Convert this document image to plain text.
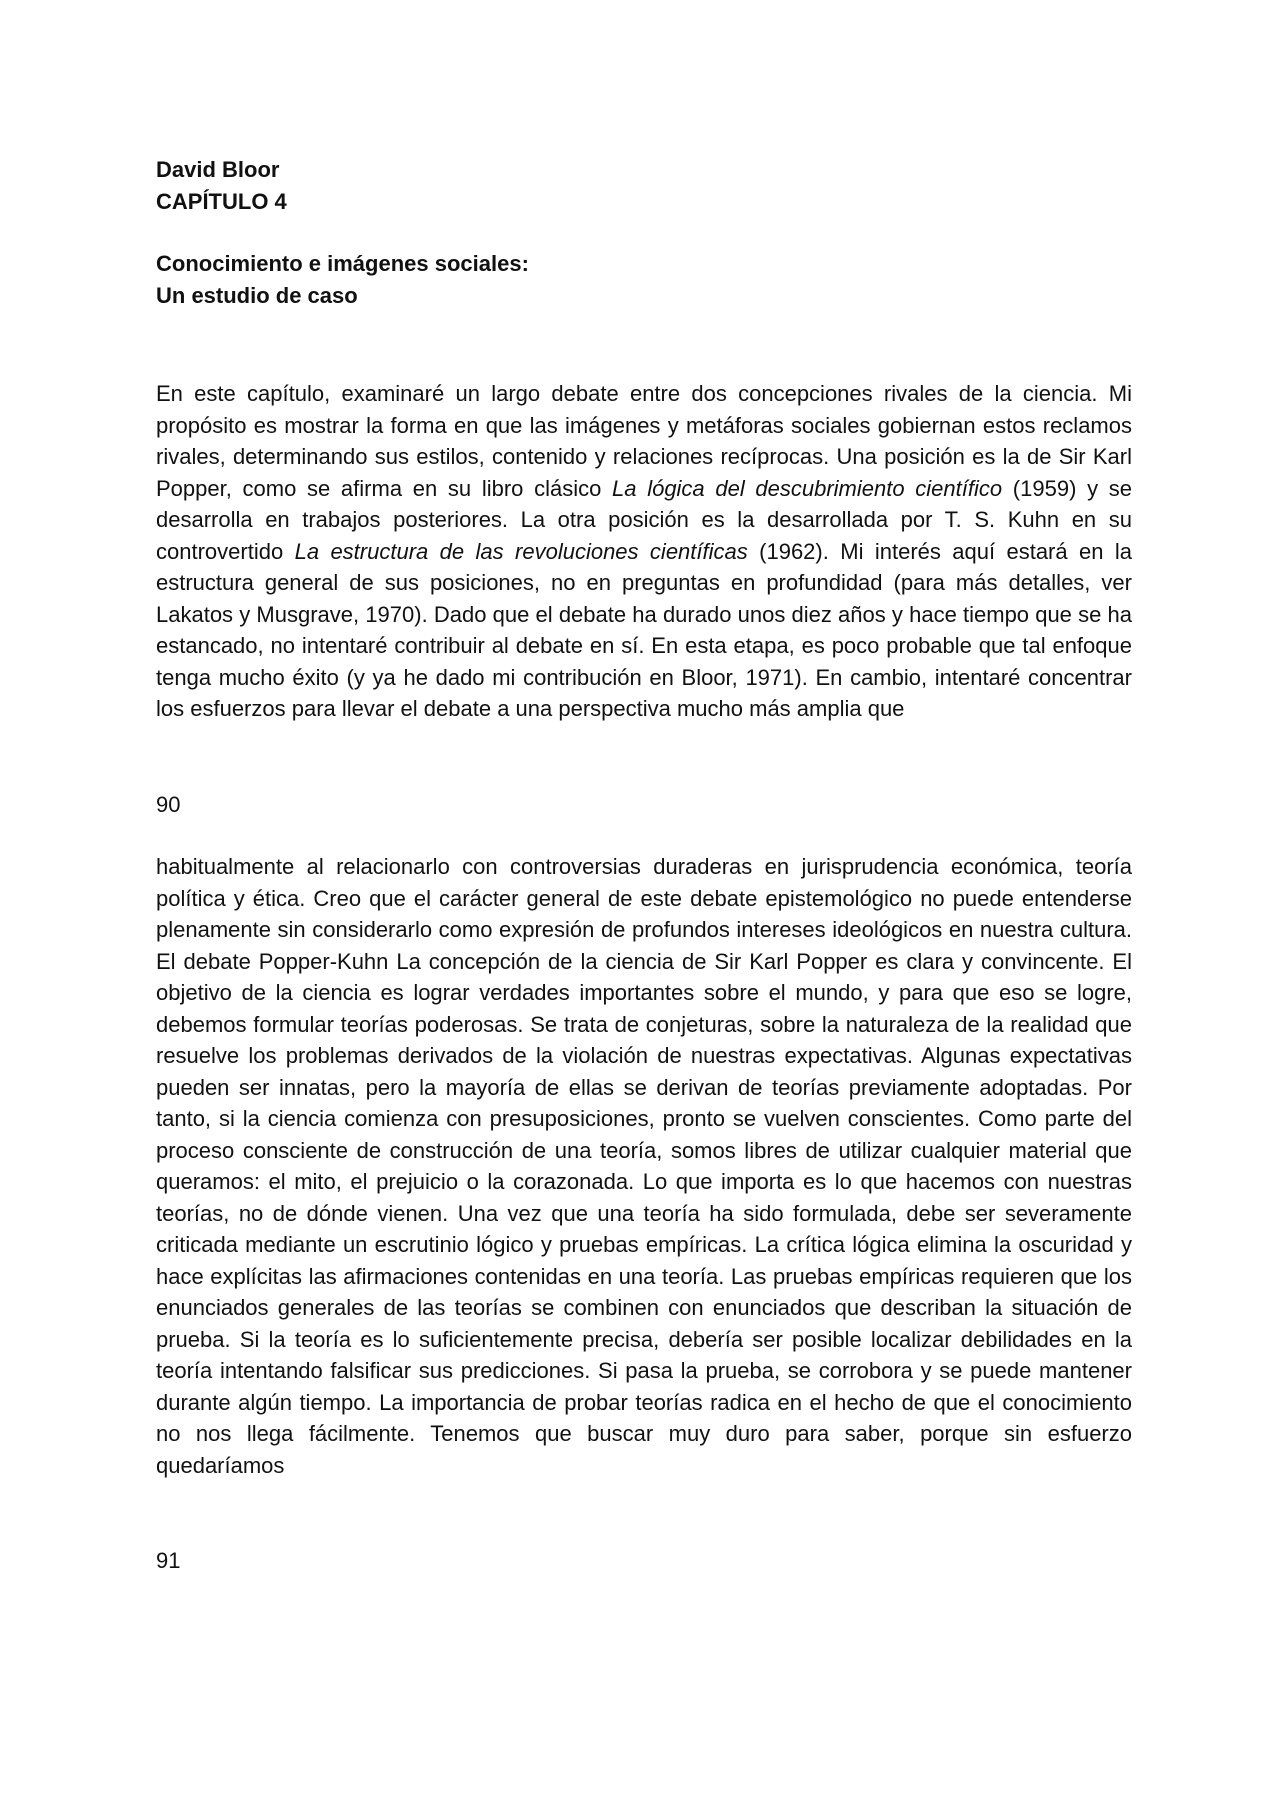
David Bloor
CAPÍTULO 4
Conocimiento e imágenes sociales:
Un estudio de caso

En este capítulo, examinaré un largo debate entre dos concepciones rivales de la ciencia. Mi propósito es mostrar la forma en que las imágenes y metáforas sociales gobiernan estos reclamos rivales, determinando sus estilos, contenido y relaciones recíprocas. Una posición es la de Sir Karl Popper, como se afirma en su libro clásico La lógica del descubrimiento científico (1959) y se desarrolla en trabajos posteriores. La otra posición es la desarrollada por T. S. Kuhn en su controvertido La estructura de las revoluciones científicas (1962). Mi interés aquí estará en la estructura general de sus posiciones, no en preguntas en profundidad (para más detalles, ver Lakatos y Musgrave, 1970). Dado que el debate ha durado unos diez años y hace tiempo que se ha estancado, no intentaré contribuir al debate en sí. En esta etapa, es poco probable que tal enfoque tenga mucho éxito (y ya he dado mi contribución en Bloor, 1971). En cambio, intentaré concentrar los esfuerzos para llevar el debate a una perspectiva mucho más amplia que

90

habitualmente al relacionarlo con controversias duraderas en jurisprudencia económica, teoría política y ética. Creo que el carácter general de este debate epistemológico no puede entenderse plenamente sin considerarlo como expresión de profundos intereses ideológicos en nuestra cultura. El debate Popper-Kuhn La concepción de la ciencia de Sir Karl Popper es clara y convincente. El objetivo de la ciencia es lograr verdades importantes sobre el mundo, y para que eso se logre, debemos formular teorías poderosas. Se trata de conjeturas, sobre la naturaleza de la realidad que resuelve los problemas derivados de la violación de nuestras expectativas. Algunas expectativas pueden ser innatas, pero la mayoría de ellas se derivan de teorías previamente adoptadas. Por tanto, si la ciencia comienza con presuposiciones, pronto se vuelven conscientes. Como parte del proceso consciente de construcción de una teoría, somos libres de utilizar cualquier material que queramos: el mito, el prejuicio o la corazonada. Lo que importa es lo que hacemos con nuestras teorías, no de dónde vienen. Una vez que una teoría ha sido formulada, debe ser severamente criticada mediante un escrutinio lógico y pruebas empíricas. La crítica lógica elimina la oscuridad y hace explícitas las afirmaciones contenidas en una teoría. Las pruebas empíricas requieren que los enunciados generales de las teorías se combinen con enunciados que describan la situación de prueba. Si la teoría es lo suficientemente precisa, debería ser posible localizar debilidades en la teoría intentando falsificar sus predicciones. Si pasa la prueba, se corrobora y se puede mantener durante algún tiempo. La importancia de probar teorías radica en el hecho de que el conocimiento no nos llega fácilmente. Tenemos que buscar muy duro para saber, porque sin esfuerzo quedaríamos

91
